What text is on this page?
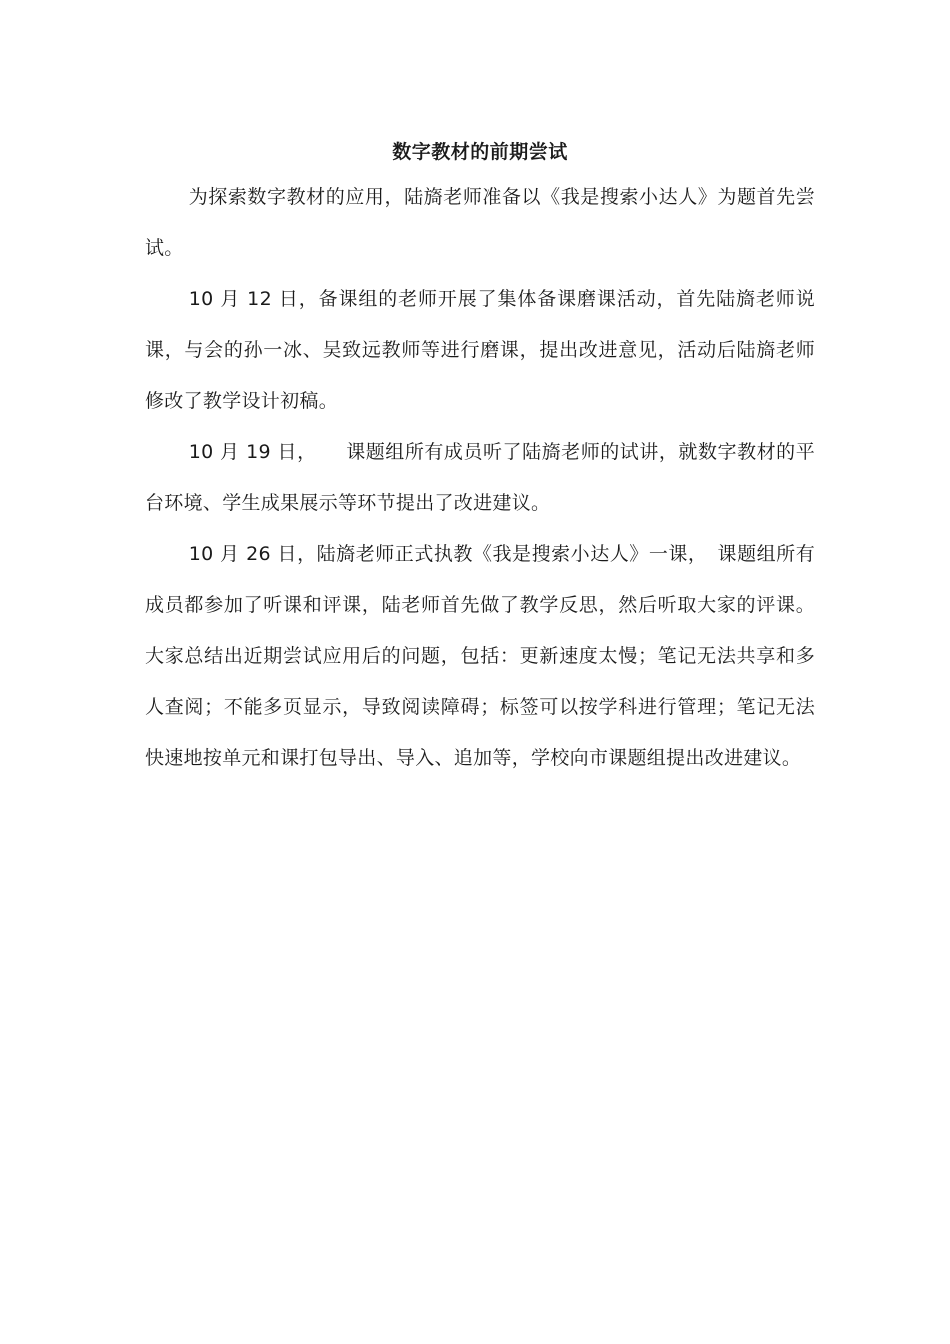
数字教材的前期尝试

为探索数字教材的应用，陆旖老师准备以《我是搜索小达人》为题首先尝试。

10 月 12 日，备课组的老师开展了集体备课磨课活动，首先陆旖老师说课，与会的孙一冰、吴致远教师等进行磨课，提出改进意见，活动后陆旖老师修改了教学设计初稿。

10 月 19 日，　　课题组所有成员听了陆旖老师的试讲，就数字教材的平台环境、学生成果展示等环节提出了改进建议。

10 月 26 日，陆旖老师正式执教《我是搜索小达人》一课，　课题组所有成员都参加了听课和评课，陆老师首先做了教学反思，然后听取大家的评课。大家总结出近期尝试应用后的问题，包括：更新速度太慢；笔记无法共享和多人查阅；不能多页显示，导致阅读障碍；标签可以按学科进行管理；笔记无法快速地按单元和课打包导出、导入、追加等，学校向市课题组提出改进建议。
